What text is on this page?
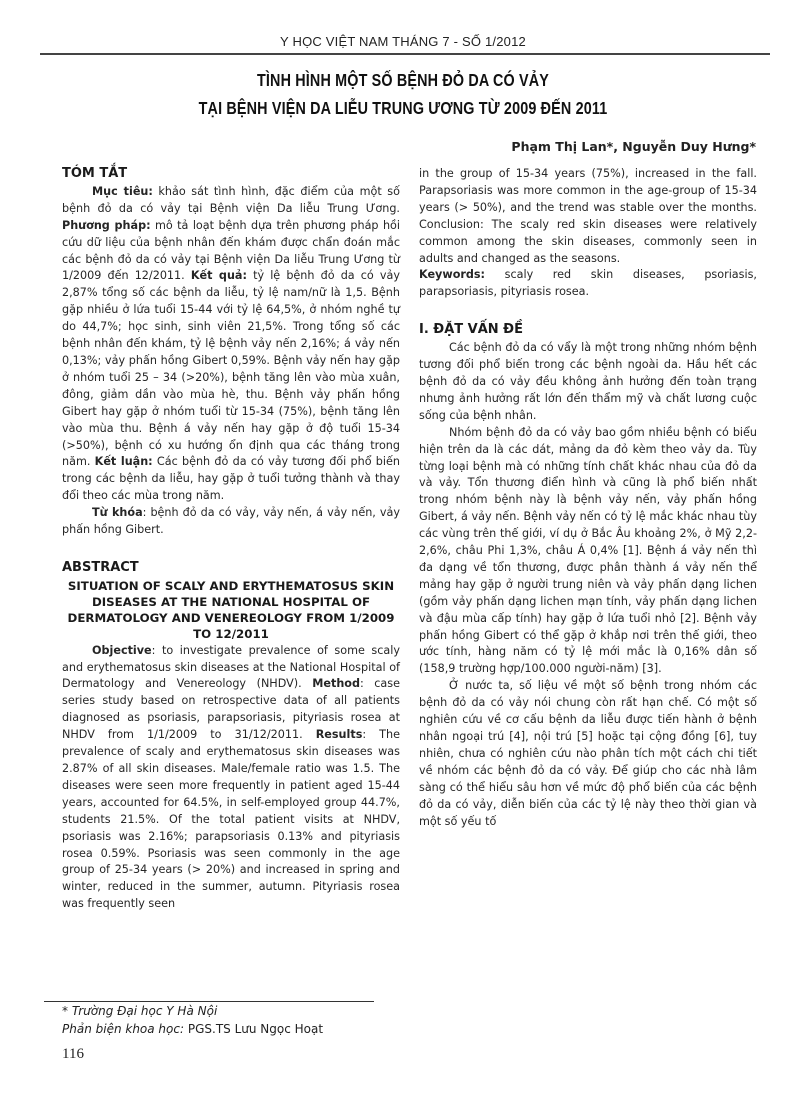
Y HỌC VIỆT NAM THÁNG 7 - SỐ 1/2012
TÌNH HÌNH MỘT SỐ BỆNH ĐỎ DA CÓ VẢY
TẠI BỆNH VIỆN DA LIỄU TRUNG ƯƠNG TỪ 2009 ĐẾN 2011
Phạm Thị Lan*, Nguyễn Duy Hưng*
TÓM TẮT

Mục tiêu: khảo sát tình hình, đặc điểm của một số bệnh đỏ da có vảy tại Bệnh viện Da liễu Trung Ương. Phương pháp: mô tả loạt bệnh dựa trên phương pháp hồi cứu dữ liệu của bệnh nhân đến khám được chẩn đoán mắc các bệnh đỏ da có vảy tại Bệnh viện Da liễu Trung Ương từ 1/2009 đến 12/2011. Kết quả: tỷ lệ bệnh đỏ da có vảy 2,87% tổng số các bệnh da liễu, tỷ lệ nam/nữ là 1,5. Bệnh gặp nhiều ở lứa tuổi 15-44 với tỷ lệ 64,5%, ở nhóm nghề tự do 44,7%; học sinh, sinh viên 21,5%. Trong tổng số các bệnh nhân đến khám, tỷ lệ bệnh vảy nến 2,16%; á vảy nến 0,13%; vảy phấn hồng Gibert 0,59%. Bệnh vảy nến hay gặp ở nhóm tuổi 25 – 34 (>20%), bệnh tăng lên vào mùa xuân, đông, giảm dần vào mùa hè, thu. Bệnh vảy phấn hồng Gibert hay gặp ở nhóm tuổi từ 15-34 (75%), bệnh tăng lên vào mùa thu. Bệnh á vảy nến hay gặp ở độ tuổi 15-34 (>50%), bệnh có xu hướng ổn định qua các tháng trong năm. Kết luận: Các bệnh đỏ da có vảy tương đối phổ biến trong các bệnh da liễu, hay gặp ở tuổi tưởng thành và thay đổi theo các mùa trong năm.

Từ khóa: bệnh đỏ da có vảy, vảy nến, á vảy nến, vảy phấn hồng Gibert.

ABSTRACT
SITUATION OF SCALY AND ERYTHEMATOSUS SKIN DISEASES AT THE NATIONAL HOSPITAL OF DERMATOLOGY AND VENEREOLOGY FROM 1/2009 TO 12/2011

Objective: to investigate prevalence of some scaly and erythematosus skin diseases at the National Hospital of Dermatology and Venereology (NHDV). Method: case series study based on retrospective data of all patients diagnosed as psoriasis, parapsoriasis, pityriasis rosea at NHDV from 1/1/2009 to 31/12/2011. Results: The prevalence of scaly and erythematosus skin diseases was 2.87% of all skin diseases. Male/female ratio was 1.5. The diseases were seen more frequently in patient aged 15-44 years, accounted for 64.5%, in self-employed group 44.7%, students 21.5%. Of the total patient visits at NHDV, psoriasis was 2.16%; parapsoriasis 0.13% and pityriasis rosea 0.59%. Psoriasis was seen commonly in the age group of 25-34 years (> 20%) and increased in spring and winter, reduced in the summer, autumn. Pityriasis rosea was frequently seen

in the group of 15-34 years (75%), increased in the fall. Parapsoriasis was more common in the age-group of 15-34 years (> 50%), and the trend was stable over the months. Conclusion: The scaly red skin diseases were relatively common among the skin diseases, commonly seen in adults and changed as the seasons.

Keywords: scaly red skin diseases, psoriasis, parapsoriasis, pityriasis rosea.

I. ĐẶT VẤN ĐỀ

Các bệnh đỏ da có vẩy là một trong những nhóm bệnh tương đối phổ biến trong các bệnh ngoài da. Hầu hết các bệnh đỏ da có vảy đều không ảnh hưởng đến toàn trạng nhưng ảnh hưởng rất lớn đến thẩm mỹ và chất lương cuộc sống của bệnh nhân.

Nhóm bệnh đỏ da có vảy bao gồm nhiều bệnh có biểu hiện trên da là các dát, mảng da đỏ kèm theo vảy da. Tùy từng loại bệnh mà có những tính chất khác nhau của đỏ da và vảy. Tổn thương điển hình và cũng là phổ biến nhất trong nhóm bệnh này là bệnh vảy nến, vảy phấn hồng Gibert, á vảy nến. Bệnh vảy nến có tỷ lệ mắc khác nhau tùy các vùng trên thế giới, ví dụ ở Bắc Âu khoảng 2%, ở Mỹ 2,2-2,6%, châu Phi 1,3%, châu Á 0,4% [1]. Bệnh á vảy nến thì đa dạng về tổn thương, được phân thành á vảy nến thể mảng hay gặp ở người trung niên và vảy phấn dạng lichen (gồm vảy phấn dạng lichen mạn tính, vảy phấn dạng lichen và đậu mùa cấp tính) hay gặp ở lứa tuổi nhỏ [2]. Bệnh vảy phấn hồng Gibert có thể gặp ở khắp nơi trên thế giới, theo ước tính, hàng năm có tỷ lệ mới mắc là 0,16% dân số (158,9 trường hợp/100.000 người-năm) [3].

Ở nước ta, số liệu về một số bệnh trong nhóm các bệnh đỏ da có vảy nói chung còn rất hạn chế. Có một số nghiên cứu về cơ cấu bệnh da liễu được tiến hành ở bệnh nhân ngoại trú [4], nội trú [5] hoặc tại cộng đồng [6], tuy nhiên, chưa có nghiên cứu nào phân tích một cách chi tiết về nhóm các bệnh đỏ da có vảy. Để giúp cho các nhà lâm sàng có thể hiểu sâu hơn về mức độ phổ biến của các bệnh đỏ da có vảy, diễn biến của các tỷ lệ này theo thời gian và một số yếu tố

* Trường Đại học Y Hà Nội
Phản biện khoa học: PGS.TS Lưu Ngọc Hoạt
116
